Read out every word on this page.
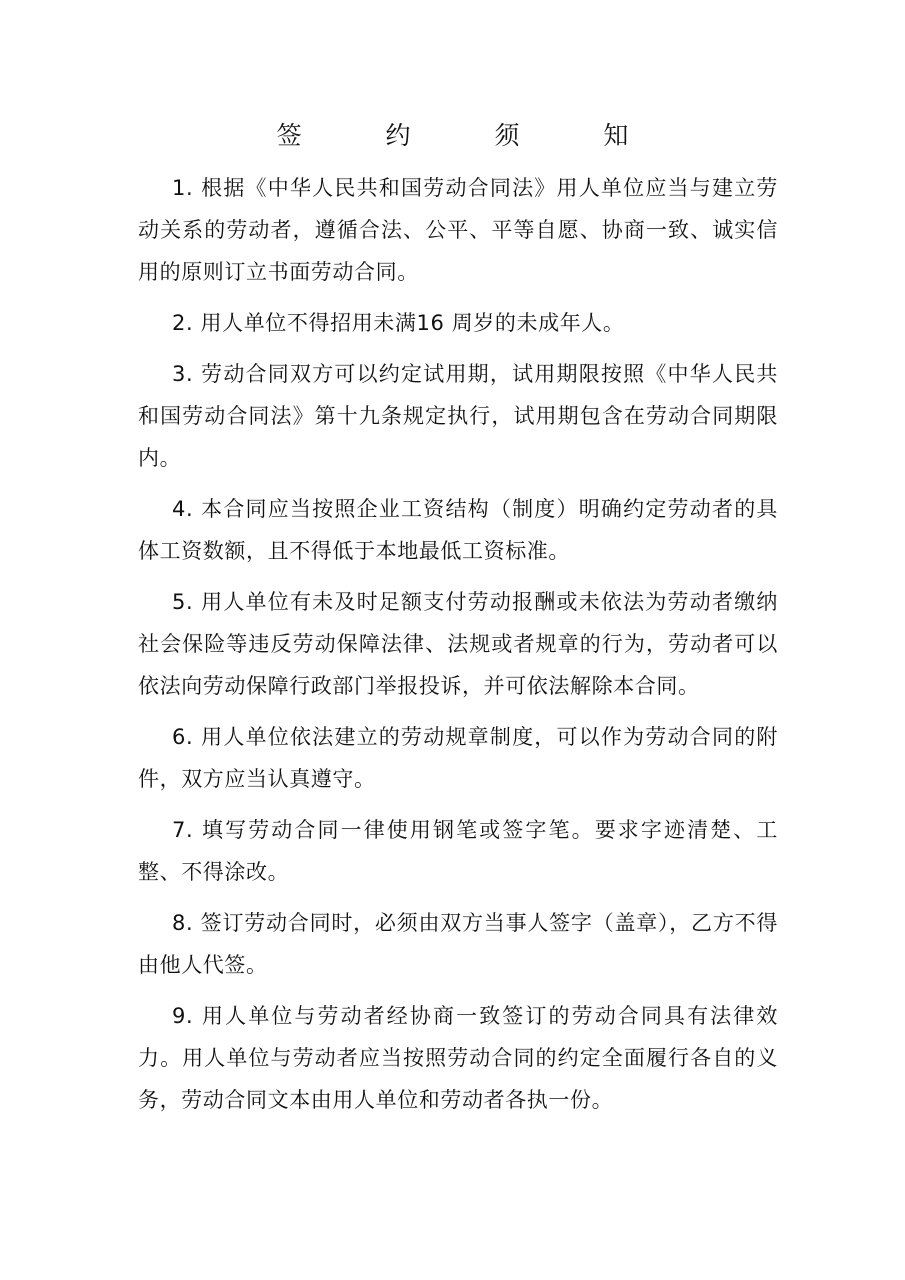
签 约 须 知

1. 根据《中华人民共和国劳动合同法》用人单位应当与建立劳动关系的劳动者，遵循合法、公平、平等自愿、协商一致、诚实信用的原则订立书面劳动合同。

2. 用人单位不得招用未满16 周岁的未成年人。

3. 劳动合同双方可以约定试用期，试用期限按照《中华人民共和国劳动合同法》第十九条规定执行，试用期包含在劳动合同期限内。

4. 本合同应当按照企业工资结构（制度）明确约定劳动者的具体工资数额，且不得低于本地最低工资标准。

5. 用人单位有未及时足额支付劳动报酬或未依法为劳动者缴纳社会保险等违反劳动保障法律、法规或者规章的行为，劳动者可以依法向劳动保障行政部门举报投诉，并可依法解除本合同。

6. 用人单位依法建立的劳动规章制度，可以作为劳动合同的附件，双方应当认真遵守。

7. 填写劳动合同一律使用钢笔或签字笔。要求字迹清楚、工整、不得涂改。

8. 签订劳动合同时，必须由双方当事人签字（盖章），乙方不得由他人代签。

9. 用人单位与劳动者经协商一致签订的劳动合同具有法律效力。用人单位与劳动者应当按照劳动合同的约定全面履行各自的义务，劳动合同文本由用人单位和劳动者各执一份。
